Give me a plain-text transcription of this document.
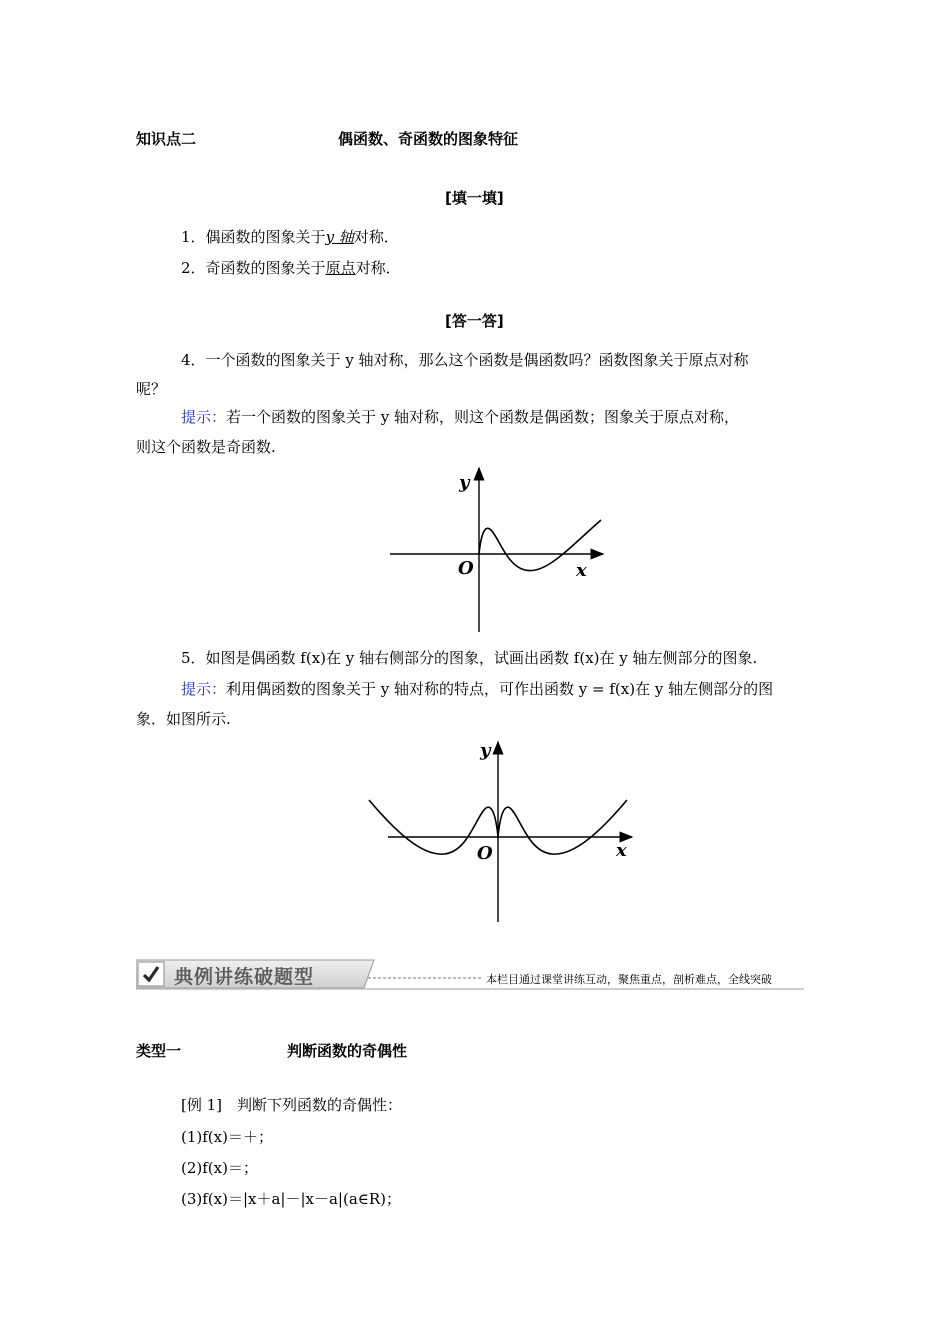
知识点二	偶函数、奇函数的图象特征
[填一填]
1．偶函数的图象关于y 轴对称．
2．奇函数的图象关于原点对称．
[答一答]
4．一个函数的图象关于 y 轴对称，那么这个函数是偶函数吗？函数图象关于原点对称
呢？
提示：若一个函数的图象关于 y 轴对称，则这个函数是偶函数；图象关于原点对称，
则这个函数是奇函数.
y
O	x
5．如图是偶函数 f(x)在 y 轴右侧部分的图象，试画出函数 f(x)在 y 轴左侧部分的图象.
提示：利用偶函数的图象关于 y 轴对称的特点，可作出函数 y = f(x)在 y 轴左侧部分的图
象．如图所示.
y
O	x
典例讲练破题型	本栏目通过课堂讲练互动，聚焦重点，剖析难点，全线突破
类型一	判断函数的奇偶性
[例 1]　判断下列函数的奇偶性：
(1)f(x)＝＋；
(2)f(x)＝；
(3)f(x)＝|x＋a|－|x－a|(a∈R)；
